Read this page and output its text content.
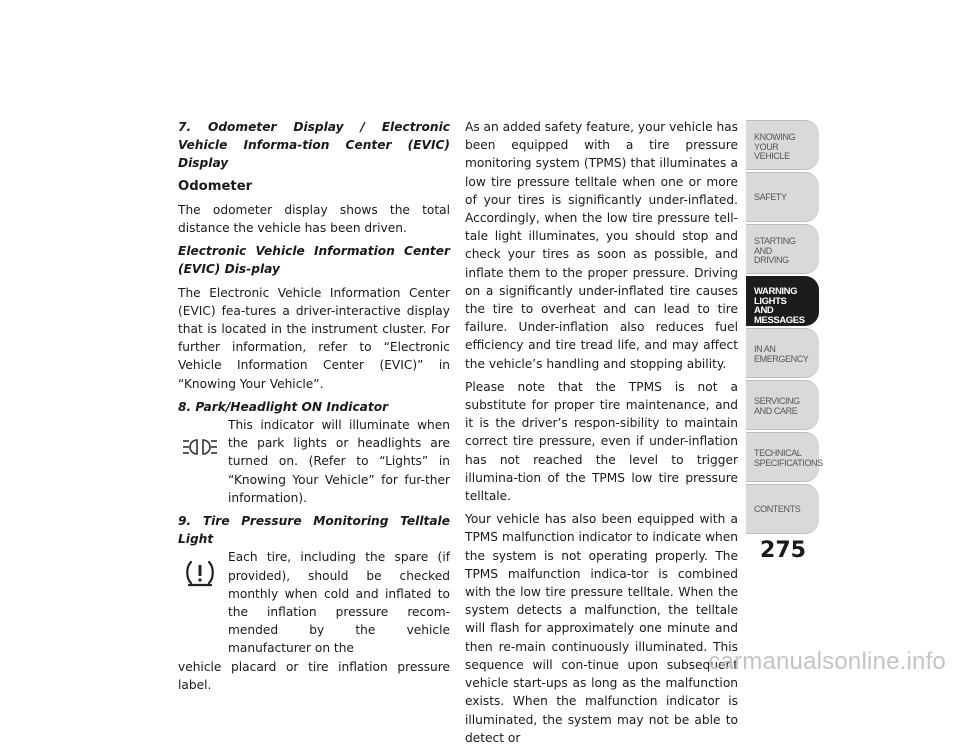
7. Odometer Display / Electronic Vehicle Informa-tion Center (EVIC) Display

Odometer

The odometer display shows the total distance the vehicle has been driven.

Electronic Vehicle Information Center (EVIC) Dis-play

The Electronic Vehicle Information Center (EVIC) fea-tures a driver-interactive display that is located in the instrument cluster. For further information, refer to “Electronic Vehicle Information Center (EVIC)” in “Knowing Your Vehicle”.

8. Park/Headlight ON Indicator

This indicator will illuminate when the park lights or headlights are turned on. (Refer to “Lights” in “Knowing Your Vehicle” for fur-ther information).

9. Tire Pressure Monitoring Telltale Light

Each tire, including the spare (if provided), should be checked monthly when cold and inflated to the inflation pressure recom-mended by the vehicle manufacturer on the

vehicle placard or tire inflation pressure label.

As an added safety feature, your vehicle has been equipped with a tire pressure monitoring system (TPMS) that illuminates a low tire pressure telltale when one or more of your tires is significantly under-inflated. Accordingly, when the low tire pressure tell-tale light illuminates, you should stop and check your tires as soon as possible, and inflate them to the proper pressure. Driving on a significantly under-inflated tire causes the tire to overheat and can lead to tire failure. Under-inflation also reduces fuel efficiency and tire tread life, and may affect the vehicle’s handling and stopping ability.

Please note that the TPMS is not a substitute for proper tire maintenance, and it is the driver’s respon-sibility to maintain correct tire pressure, even if under-inflation has not reached the level to trigger illumina-tion of the TPMS low tire pressure telltale.

Your vehicle has also been equipped with a TPMS malfunction indicator to indicate when the system is not operating properly. The TPMS malfunction indica-tor is combined with the low tire pressure telltale. When the system detects a malfunction, the telltale will flash for approximately one minute and then re-main continuously illuminated. This sequence will con-tinue upon subsequent vehicle start-ups as long as the malfunction exists. When the malfunction indicator is illuminated, the system may not be able to detect or

KNOWING
YOUR
VEHICLE
SAFETY
STARTING
AND
DRIVING
WARNING
LIGHTS
AND
MESSAGES
IN AN
EMERGENCY
SERVICING
AND CARE
TECHNICAL
SPECIFICATIONS
CONTENTS
275
carmanualsonline.info
